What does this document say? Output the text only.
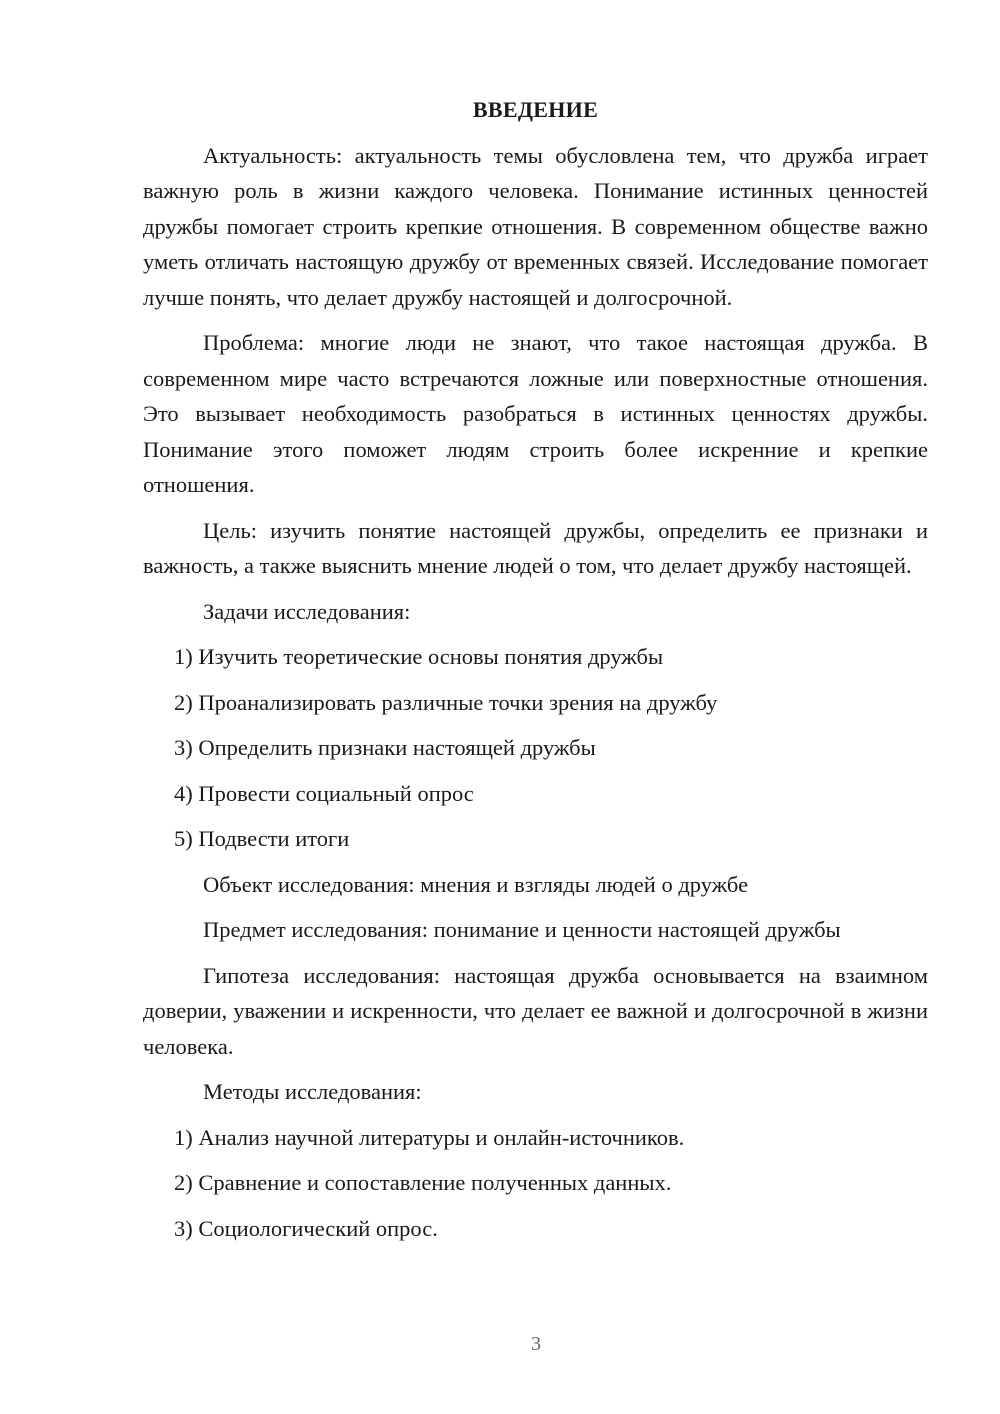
ВВЕДЕНИЕ

Актуальность: актуальность темы обусловлена тем, что дружба играет важную роль в жизни каждого человека. Понимание истинных ценностей дружбы помогает строить крепкие отношения. В современном обществе важно уметь отличать настоящую дружбу от временных связей. Исследование помогает лучше понять, что делает дружбу настоящей и долгосрочной.

Проблема: многие люди не знают, что такое настоящая дружба. В современном мире часто встречаются ложные или поверхностные отношения. Это вызывает необходимость разобраться в истинных ценностях дружбы. Понимание этого поможет людям строить более искренние и крепкие отношения.

Цель: изучить понятие настоящей дружбы, определить ее признаки и важность, а также выяснить мнение людей о том, что делает дружбу настоящей.

Задачи исследования:
1) Изучить теоретические основы понятия дружбы
2) Проанализировать различные точки зрения на дружбу
3) Определить признаки настоящей дружбы
4) Провести социальный опрос
5) Подвести итоги
Объект исследования: мнения и взгляды людей о дружбе
Предмет исследования: понимание и ценности настоящей дружбы

Гипотеза исследования: настоящая дружба основывается на взаимном доверии, уважении и искренности, что делает ее важной и долгосрочной в жизни человека.

Методы исследования:
1) Анализ научной литературы и онлайн-источников.
2) Сравнение и сопоставление полученных данных.
3) Социологический опрос.
3
